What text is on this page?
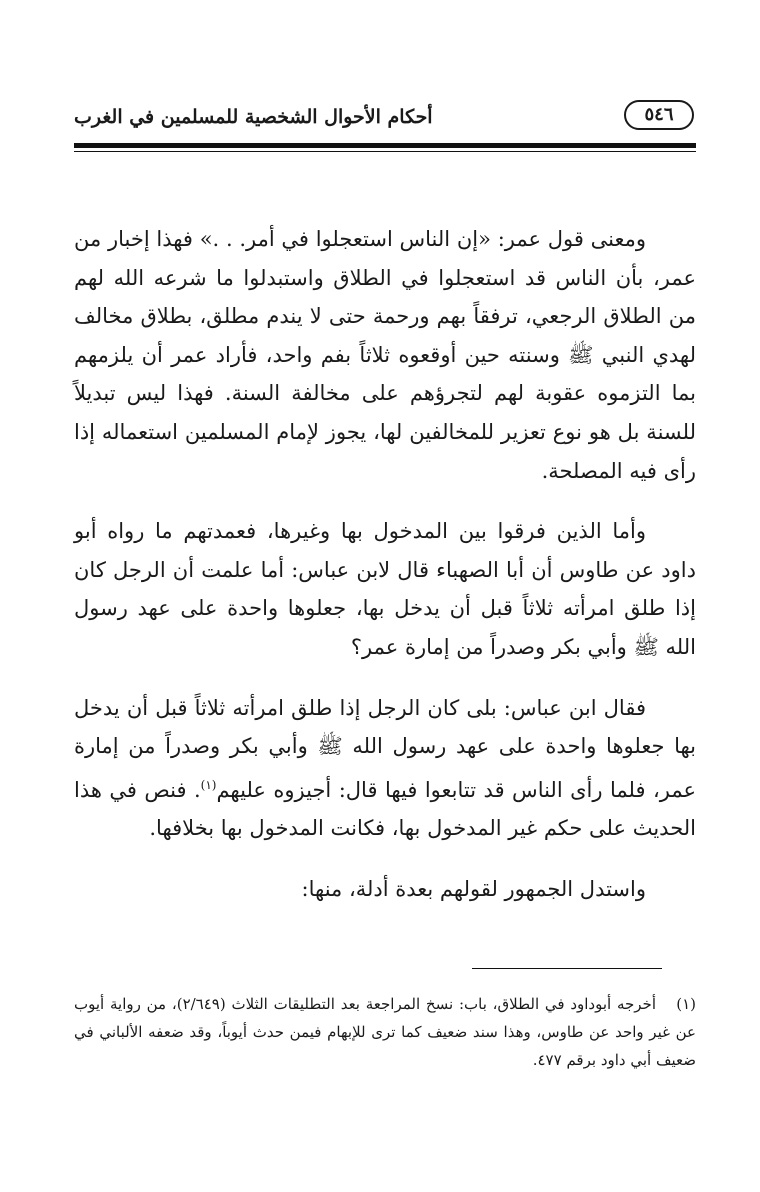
٥٤٦
أحكام الأحوال الشخصية للمسلمين في الغرب

ومعنى قول عمر: «إن الناس استعجلوا في أمر. . .» فهذا إخبار من عمر، بأن الناس قد استعجلوا في الطلاق واستبدلوا ما شرعه الله لهم من الطلاق الرجعي، ترفقاً بهم ورحمة حتى لا يندم مطلق، بطلاق مخالف لهدي النبي ﷺ وسنته حين أوقعوه ثلاثاً بفم واحد، فأراد عمر أن يلزمهم بما التزموه عقوبة لهم لتجرؤهم على مخالفة السنة. فهذا ليس تبديلاً للسنة بل هو نوع تعزير للمخالفين لها، يجوز لإمام المسلمين استعماله إذا رأى فيه المصلحة.

وأما الذين فرقوا بين المدخول بها وغيرها، فعمدتهم ما رواه أبو داود عن طاوس أن أبا الصهباء قال لابن عباس: أما علمت أن الرجل كان إذا طلق امرأته ثلاثاً قبل أن يدخل بها، جعلوها واحدة على عهد رسول الله ﷺ وأبي بكر وصدراً من إمارة عمر؟

فقال ابن عباس: بلى كان الرجل إذا طلق امرأته ثلاثاً قبل أن يدخل بها جعلوها واحدة على عهد رسول الله ﷺ وأبي بكر وصدراً من إمارة عمر، فلما رأى الناس قد تتابعوا فيها قال: أجيزوه عليهم$^{(١)}$. فنص في هذا الحديث على حكم غير المدخول بها، فكانت المدخول بها بخلافها.

واستدل الجمهور لقولهم بعدة أدلة، منها:

(١)أخرجه أبوداود في الطلاق، باب: نسخ المراجعة بعد التطليقات الثلاث (٢/٦٤٩)، من رواية أيوب عن غير واحد عن طاوس، وهذا سند ضعيف كما ترى للإبهام فيمن حدث أيوباً، وقد ضعفه الألباني في ضعيف أبي داود برقم ٤٧٧.
